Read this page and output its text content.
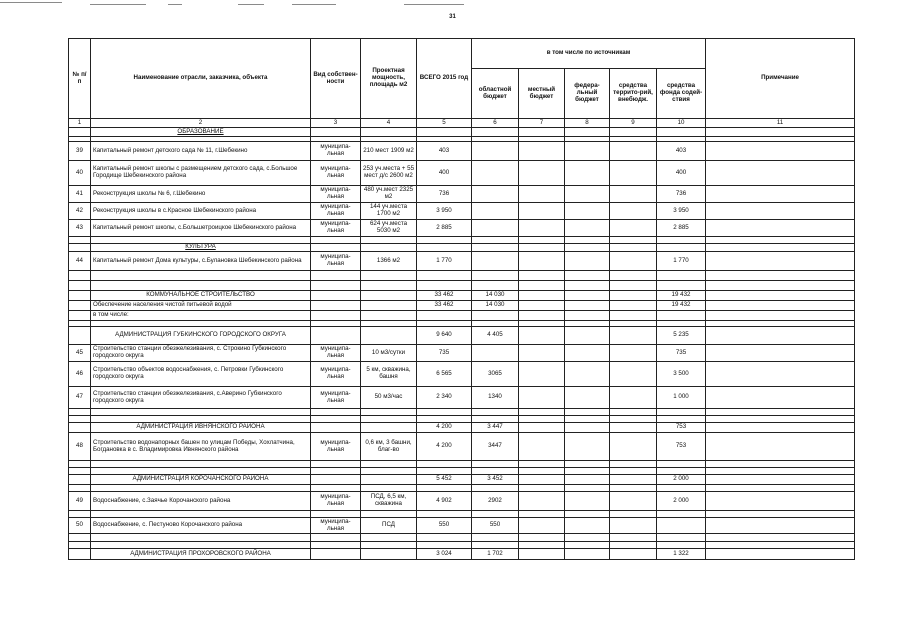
31
№ п/п	Наименование отрасли, заказчика, объекта	Вид собствен-ности	Проектная мощность, площадь м2	ВСЕГО 2015 год	в том числе по источникам					Примечание
					областной бюджет	местный бюджет	федера-льный бюджет	средства террито-рий, внебюдж.	средства фонда содей-ствия	
1	2	3	4	5	6	7	8	9	10	11
	ОБРАЗОВАНИЕ									

39	Капитальный ремонт детского сада № 11, г.Шебекино	муниципа-льная	210 мест 1909 м2	403					403	
40	Капитальный ремонт школы с размещением детского сада, с.Большое Городище Шебекинского района	муниципа-льная	253 уч.места + 55 мест д/с 2600 м2	400					400	
41	Реконструкция школы № 6, г.Шебекино	муниципа-льная	480 уч.мест 2325 м2	736					736	
42	Реконструкция школы в с.Красное Шебекинского района	муниципа-льная	144 уч.места 1700 м2	3 950					3 950	
43	Капитальный ремонт школы, с.Большетроицкое Шебекинского района	муниципа-льная	624 уч.места 5030 м2	2 885					2 885	

	КУЛЬТУРА									
44	Капитальный ремонт Дома культуры, с.Булановка Шебекинского района	муниципа-льная	1366 м2	1 770					1 770	

	КОММУНАЛЬНОЕ СТРОИТЕЛЬСТВО			33 462	14 030				19 432	
	Обеспечение населения чистой питьевой водой			33 462	14 030				19 432	
	в том числе:									

	АДМИНИСТРАЦИЯ ГУБКИНСКОГО ГОРОДСКОГО ОКРУГА			9 640	4 405				5 235	
45	Строительство станции обезжелезивания, с. Строкино Губкинского городского округа	муниципа-льная	10 м3/сутки	735					735	
46	Строительство объектов водоснабжения, с. Петровки Губкинского городского округа	муниципа-льная	5 км, скважина, башня	6 565	3065				3 500	
47	Строительство станции обезжелезивания, с.Аверино Губкинского городского округа	муниципа-льная	50 м3/час	2 340	1340				1 000	

	АДМИНИСТРАЦИЯ ИВНЯНСКОГО РАЙОНА			4 200	3 447				753	
48	Строительство водонапорных башен по улицам Победы, Хохлатчина, Богдановка в с. Владимировка Ивнянского района	муниципа-льная	0,6 км, 3 башни, благ-во	4 200	3447				753	

	АДМИНИСТРАЦИЯ КОРОЧАНСКОГО РАЙОНА			5 452	3 452				2 000	

49	Водоснабжение, с.Заячье Корочанского района	муниципа-льная	ПСД, 6,5 км, скважина	4 902	2902				2 000	

50	Водоснабжение, с. Пестуново Корочанского района	муниципа-льная	ПСД	550	550					

	АДМИНИСТРАЦИЯ ПРОХОРОВСКОГО РАЙОНА			3 024	1 702				1 322	
